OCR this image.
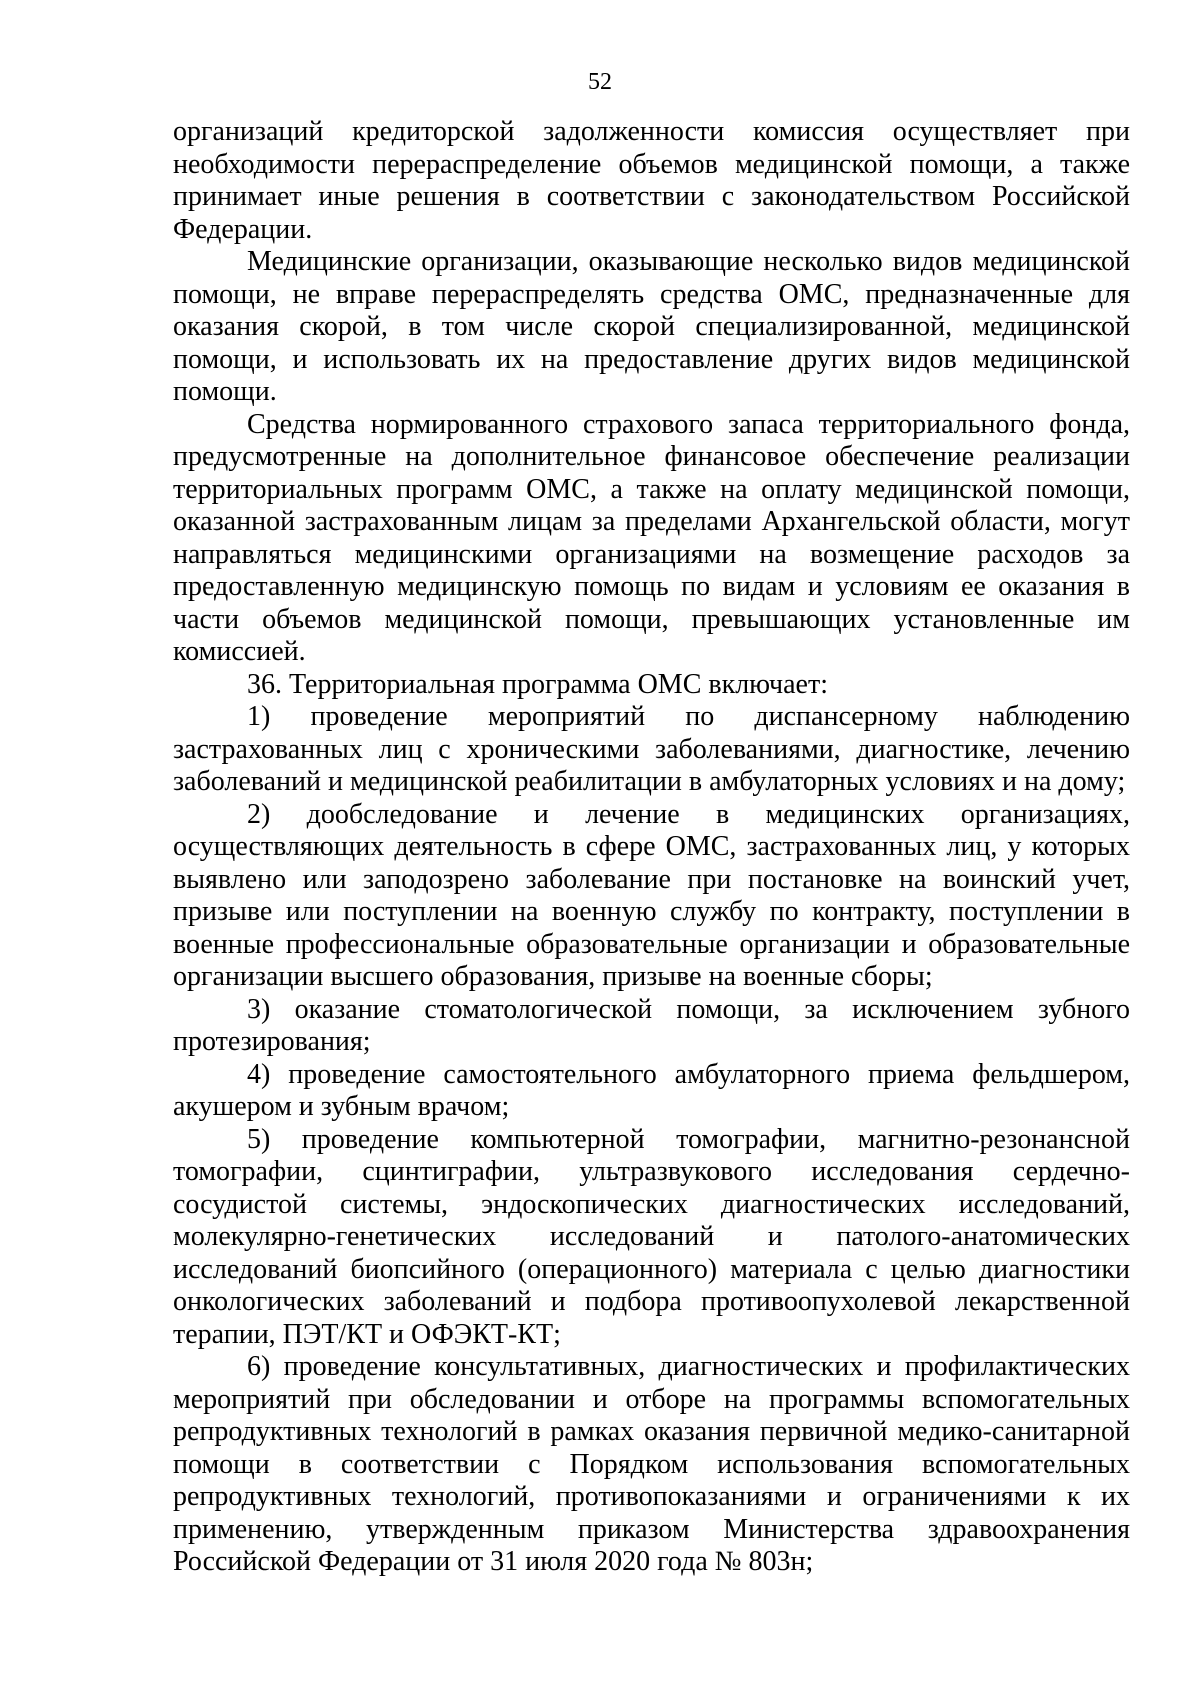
52

организаций кредиторской задолженности комиссия осуществляет при необходимости перераспределение объемов медицинской помощи, а также принимает иные решения в соответствии с законодательством Российской Федерации.

Медицинские организации, оказывающие несколько видов медицинской помощи, не вправе перераспределять средства ОМС, предназначенные для оказания скорой, в том числе скорой специализированной, медицинской помощи, и использовать их на предоставление других видов медицинской помощи.

Средства нормированного страхового запаса территориального фонда, предусмотренные на дополнительное финансовое обеспечение реализации территориальных программ ОМС, а также на оплату медицинской помощи, оказанной застрахованным лицам за пределами Архангельской области, могут направляться медицинскими организациями на возмещение расходов за предоставленную медицинскую помощь по видам и условиям ее оказания в части объемов медицинской помощи, превышающих установленные им комиссией.

36. Территориальная программа ОМС включает:

1) проведение мероприятий по диспансерному наблюдению застрахованных лиц с хроническими заболеваниями, диагностике, лечению заболеваний и медицинской реабилитации в амбулаторных условиях и на дому;

2) дообследование и лечение в медицинских организациях, осуществляющих деятельность в сфере ОМС, застрахованных лиц, у которых выявлено или заподозрено заболевание при постановке на воинский учет, призыве или поступлении на военную службу по контракту, поступлении в военные профессиональные образовательные организации и образовательные организации высшего образования, призыве на военные сборы;

3) оказание стоматологической помощи, за исключением зубного протезирования;

4) проведение самостоятельного амбулаторного приема фельдшером, акушером и зубным врачом;

5) проведение компьютерной томографии, магнитно-резонансной томографии, сцинтиграфии, ультразвукового исследования сердечно-сосудистой системы, эндоскопических диагностических исследований, молекулярно-генетических исследований и патолого-анатомических исследований биопсийного (операционного) материала с целью диагностики онкологических заболеваний и подбора противоопухолевой лекарственной терапии, ПЭТ/КТ и ОФЭКТ-КТ;

6) проведение консультативных, диагностических и профилактических мероприятий при обследовании и отборе на программы вспомогательных репродуктивных технологий в рамках оказания первичной медико-санитарной помощи в соответствии с Порядком использования вспомогательных репродуктивных технологий, противопоказаниями и ограничениями к их применению, утвержденным приказом Министерства здравоохранения Российской Федерации от 31 июля 2020 года № 803н;
